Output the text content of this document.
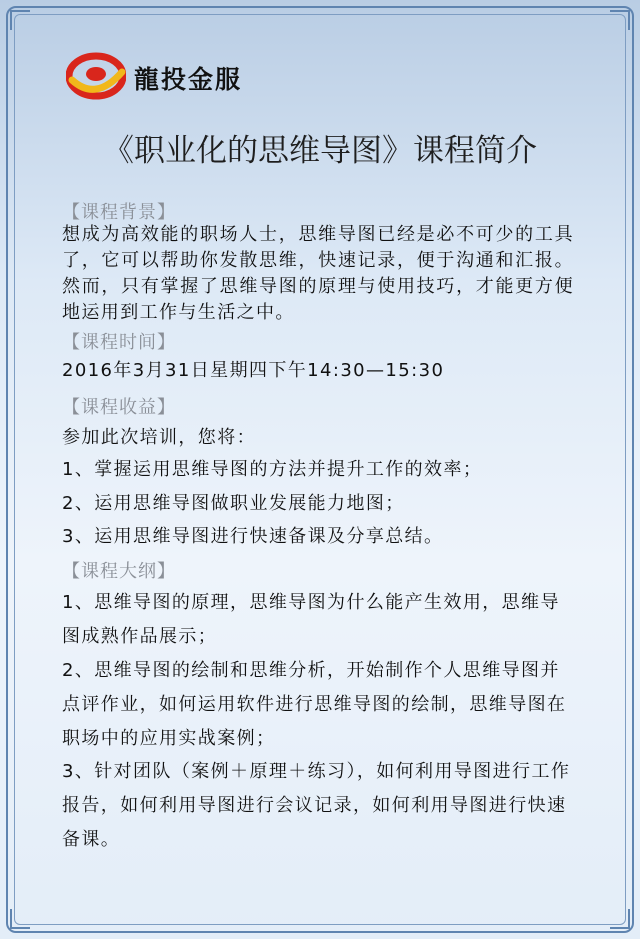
龍投金服
《职业化的思维导图》课程简介
【课程背景】
想成为高效能的职场人士，思维导图已经是必不可少的工具了，它可以帮助你发散思维，快速记录，便于沟通和汇报。然而，只有掌握了思维导图的原理与使用技巧，才能更方便地运用到工作与生活之中。
【课程时间】
2016年3月31日星期四下午14:30—15:30
【课程收益】
参加此次培训，您将：
1、掌握运用思维导图的方法并提升工作的效率；
2、运用思维导图做职业发展能力地图；
3、运用思维导图进行快速备课及分享总结。
【课程大纲】
1、思维导图的原理，思维导图为什么能产生效用，思维导图成熟作品展示；
2、思维导图的绘制和思维分析，开始制作个人思维导图并点评作业，如何运用软件进行思维导图的绘制，思维导图在职场中的应用实战案例；
3、针对团队（案例＋原理＋练习），如何利用导图进行工作报告，如何利用导图进行会议记录，如何利用导图进行快速备课。
